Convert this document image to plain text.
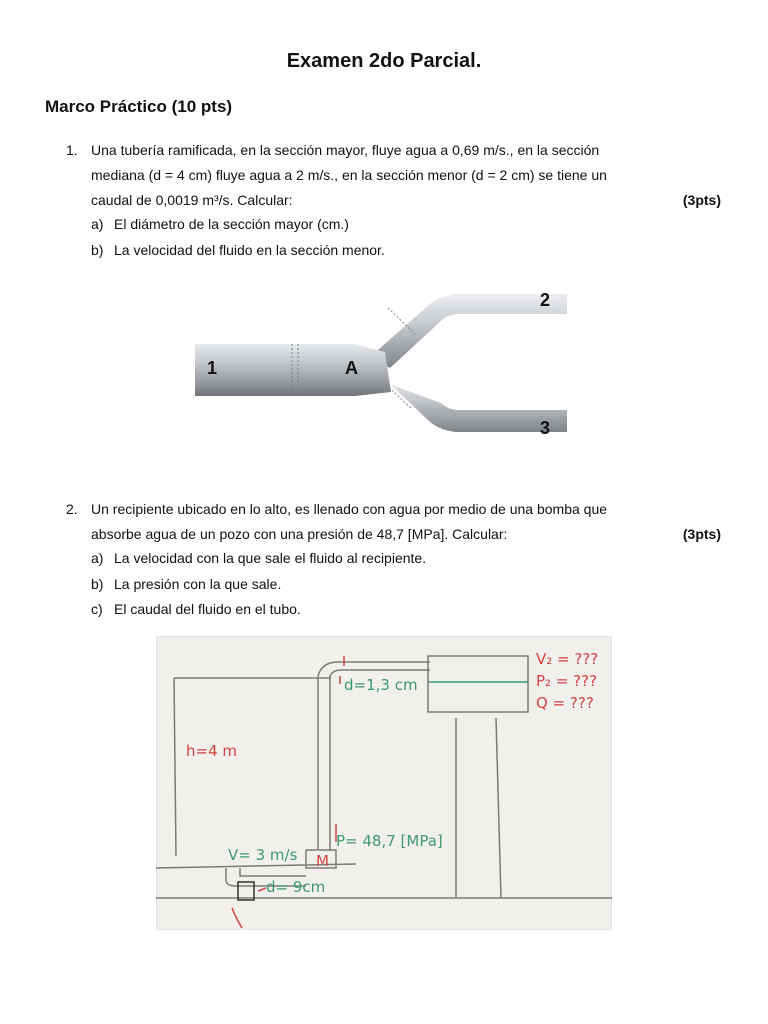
Examen 2do Parcial.
Marco Práctico (10 pts)
1. Una tubería ramificada, en la sección mayor, fluye agua a 0,69 m/s., en la sección
mediana (d = 4 cm) fluye agua a 2 m/s., en la sección menor (d = 2 cm) se tiene un
caudal de 0,0019 m³/s. Calcular:	(3pts)
a) El diámetro de la sección mayor (cm.)
b) La velocidad del fluido en la sección menor.
1	A
2
3
2. Un recipiente ubicado en lo alto, es llenado con agua por medio de una bomba que
absorbe agua de un pozo con una presión de 48,7 [MPa]. Calcular:	(3pts)
a) La velocidad con la que sale el fluido al recipiente.
b) La presión con la que sale.
c) El caudal del fluido en el tubo.
d=1,3 cm
V₂ = ???
P₂ = ???
Q = ???
h=4 m
P= 48,7 [MPa]
V= 3 m/s M
d= 9cm
